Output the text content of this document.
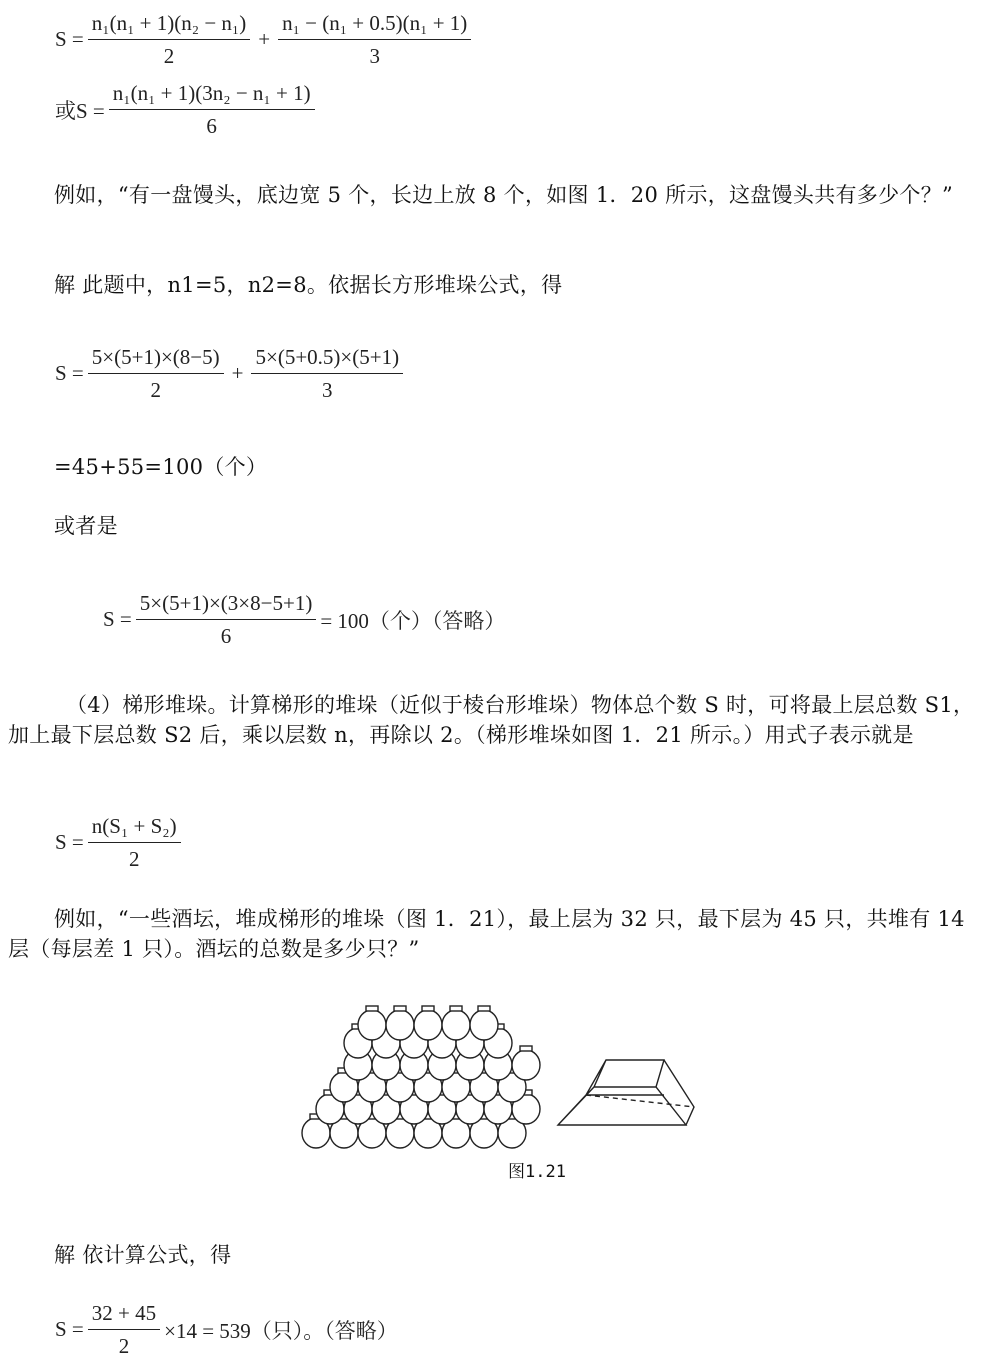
$S = \frac{\text{n₁(n₁ + 1)(n₂ − n₁)}}{2} + \frac{\text{n₁ − (n₁ + 0.5)(n₁ + 1)}}{3}$
或$S = \frac{\text{n₁(n₁ + 1)(3n₂ − n₁ + 1)}}{6}$
例如，“有一盘馒头，底边宽 5 个，长边上放 8 个，如图 1．20 所示，这盘馒头共有多少个？”
解 此题中，n1=5，n2=8。依据长方形堆垛公式，得
$S = \frac{5\times(5+1)\times(8-5)}{2} + \frac{5\times(5+0.5)\times(5+1)}{3}$
=45+55=100（个）
或者是
$S = \frac{5\times(5+1)\times(3\times 8-5+1)}{6} = 100$（个）（答略）
（4）梯形堆垛。计算梯形的堆垛（近似于棱台形堆垛）物体总个数 S 时，可将最上层总数 S1，加上最下层总数 S2 后，乘以层数 n，再除以 2。（梯形堆垛如图 1．21 所示。）用式子表示就是
$S = \frac{\text{n(S₁ + S₂)}}{2}$
例如，“一些酒坛，堆成梯形的堆垛（图 1．21），最上层为 32 只，最下层为 45 只，共堆有 14 层（每层差 1 只）。酒坛的总数是多少只？”
图1.21
解 依计算公式，得
$S = \frac{32 + 45}{2} \times 14 = 539$（只）。（答略）
